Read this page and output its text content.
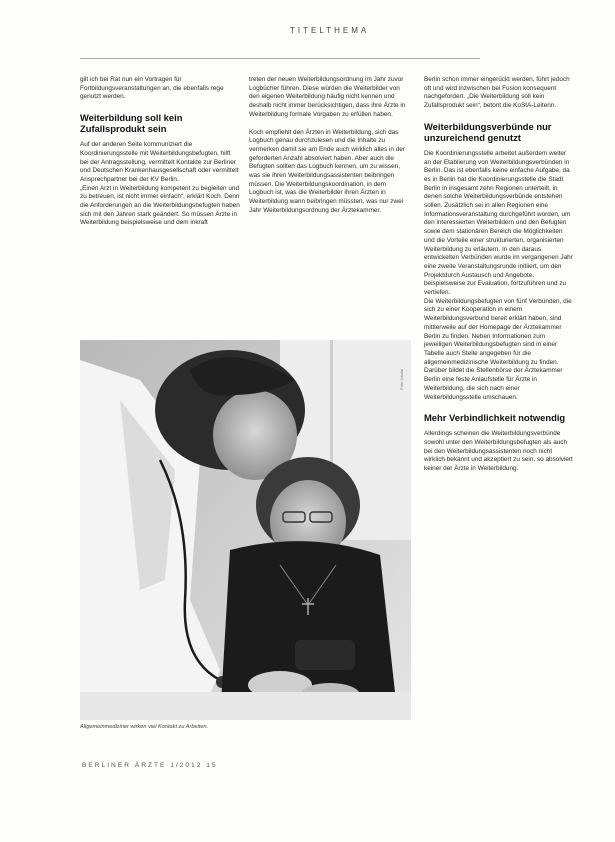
TITELTHEMA

gilt ich bei Rat nun ein Vortragen für Fortbildungsveranstaltungen an, die ebenfalls rege genutzt werden.

Weiterbildung soll kein Zufallsprodukt sein

Auf der anderen Seite kommuniziert die Koordinierungsstelle mit Weiterbildungsbefugten, hilft bei der Antragsstellung, vermittelt Kontakte zur Berliner und Deutschen Krankenhausgesellschaft oder vermittelt Ansprechpartner bei der KV Berlin.

„Einen Arzt in Weiterbildung kompetent zu begleiten und zu betreuen, ist nicht immer einfach“, erklärt Koch. Denn die Anforderungen an die Weiterbildungsbefugten haben sich mit den Jahren stark geändert. So müssen Ärzte in Weiterbildung beispielsweise und dem inkraft

treten der neuen Weiterbildungsordnung im Jahr zuvor Logbücher führen. Diese würden die Weiterbilder von den eigenen Weiterbildung häufig nicht kennen und deshalb nicht immer berücksichtigen, dass ihre Ärzte in Weiterbildung formale Vorgaben zu erfüllen haben.

Koch empfiehlt den Ärzten in Weiterbildung, sich das Logbuch genau durchzulesen und die Inhalte zu vermerken damit sie am Ende auch wirklich alles in der geforderten Anzahl absolviert haben. Aber auch die Befugten sollten das Logbuch kennen, um zu wissen, was sie ihren Weiterbildungsassistenten beibringen müssen. Die Weiterbildungskoordination, in dem Logbuch ist, was die Weiterbilder ihren Ärzten in Weiterbildung wann beibringen müssten, was nur zwei Jahr Weiterbildungsordnung der Ärztekammer.

Berlin schon immer eingerückt werden, führt jedoch oft und wird inzwischen bei Fusion konsequent nachgefordert. „Die Weiterbildung soll kein Zufallsprodukt sein“, betont die KoStA-Leiterin.

Weiterbildungsverbünde nur unzureichend genutzt

Die Koordinierungsstelle arbeitet außerdem weiter an der Etablierung von Weiterbildungsverbünden in Berlin. Das ist ebenfalls keine einfache Aufgabe, da es in Berlin hat die Koordinierungsstelle die Stadt Berlin in insgesamt zehn Regionen unterteilt, in denen solche Weiterbildungsverbünde entstehen sollen. Zusätzlich sei in allen Regionen eine Informationsveranstaltung durchgeführt worden, um den interessierten Weiterbildern und den Befugten sowie dem stationären Bereich die Möglichkeiten und die Vorteile einer strukturierten, organisierten Weiterbildung zu erläutern. In den daraus entwickelten Verbünden wurde im vergangenen Jahr eine zweite Veranstaltungsrunde initiiert, um den Projektdurch Austausch und Angebote, beispielsweise zur Evaluation, fortzuführen und zu vertiefen.

Die Weiterbildungsbefugten von fünf Verbünden, die sich zu einer Kooperation in einem Weiterbildungsverbund bereit erklärt haben, sind mittlerweile auf der Homepage der Ärztekammer Berlin zu finden. Neben Informationen zum jeweiligen Weiterbildungsbefugten sind in einer Tabelle auch Stelle angegeben für die allgemeinmedizinische Weiterbildung zu finden. Darüber bildet die Stellenbörse der Ärztekammer Berlin eine feste Anlaufstelle für Ärzte in Weiterbildung, die sich nach einer Weiterbildungsstelle umschauen.

Mehr Verbindlichkeit notwendig

Allerdings scheinen die Weiterbildungsverbünde sowohl unter den Weiterbildungsbefugten als auch bei den Weiterbildungsassistenten noch nicht wirklich bekannt und akzeptiert zu sein, so absolviert keiner der Ärzte in Weiterbildung.

Foto: fotolia
Allgemeinmediziner wirken viel Kontakt zu Arbeiten.
BERLINER ÄRZTE 1/2012 15
